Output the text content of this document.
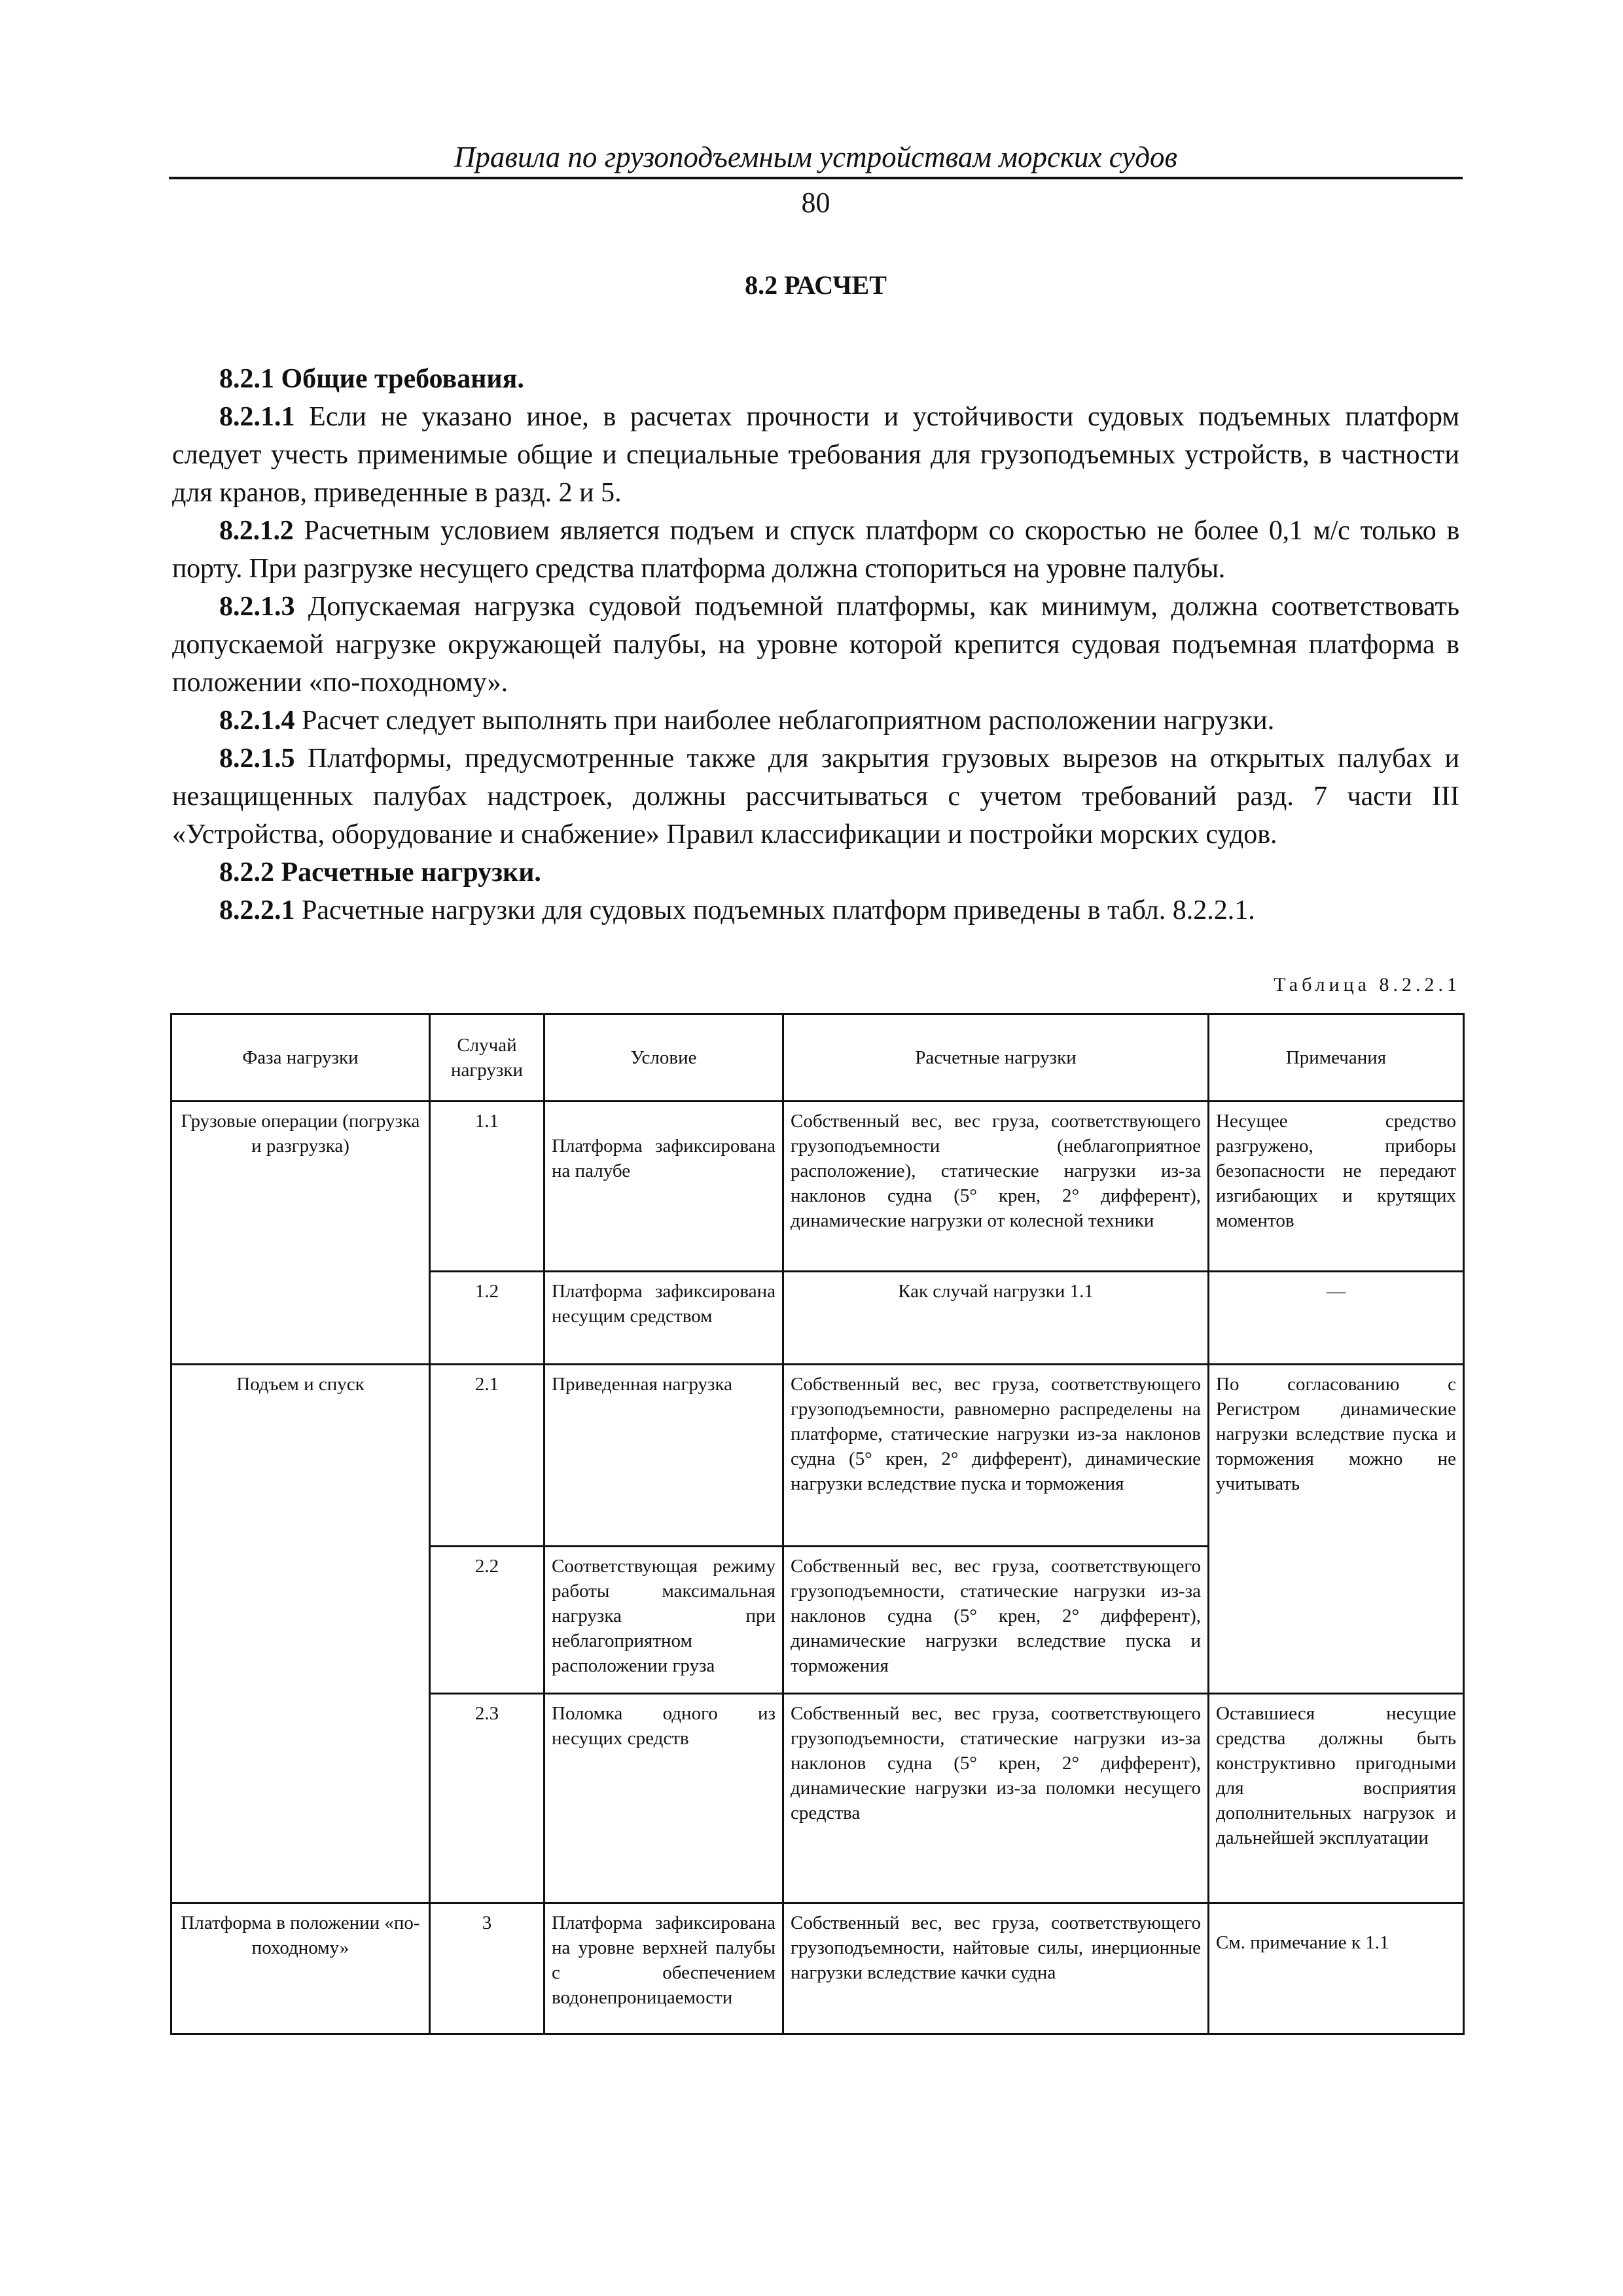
Правила по грузоподъемным устройствам морских судов
80
8.2 РАСЧЕТ

8.2.1 Общие требования.

8.2.1.1 Если не указано иное, в расчетах прочности и устойчивости судовых подъемных платформ следует учесть применимые общие и специальные требования для грузоподъемных устройств, в частности для кранов, приведенные в разд. 2 и 5.

8.2.1.2 Расчетным условием является подъем и спуск платформ со скоростью не более 0,1 м/с только в порту. При разгрузке несущего средства платформа должна стопориться на уровне палубы.

8.2.1.3 Допускаемая нагрузка судовой подъемной платформы, как минимум, должна соответствовать допускаемой нагрузке окружающей палубы, на уровне которой крепится судовая подъемная платформа в положении «по-походному».

8.2.1.4 Расчет следует выполнять при наиболее неблагоприятном расположении нагрузки.

8.2.1.5 Платформы, предусмотренные также для закрытия грузовых вырезов на открытых палубах и незащищенных палубах надстроек, должны рассчитываться с учетом требований разд. 7 части III «Устройства, оборудование и снабжение» Правил классификации и постройки морских судов.

8.2.2 Расчетные нагрузки.

8.2.2.1 Расчетные нагрузки для судовых подъемных платформ приведены в табл. 8.2.2.1.

Таблица 8.2.2.1
Фаза нагрузки	Случай нагрузки	Условие	Расчетные нагрузки	Примечания
Грузовые операции (погрузка и разгрузка)	1.1	Платформа зафиксирована на палубе	Собственный вес, вес груза, соответствующего грузоподъемности (неблагоприятное расположение), статические нагрузки из-за наклонов судна (5° крен, 2° дифферент), динамические нагрузки от колесной техники	Несущее средство разгружено, приборы безопасности не передают изгибающих и крутящих моментов
	1.2	Платформа зафиксирована несущим средством	Как случай нагрузки 1.1	—
Подъем и спуск	2.1	Приведенная нагрузка	Собственный вес, вес груза, соответствующего грузоподъемности, равномерно распределены на платформе, статические нагрузки из-за наклонов судна (5° крен, 2° дифферент), динамические нагрузки вследствие пуска и торможения	По согласованию с Регистром динамические нагрузки вследствие пуска и торможения можно не учитывать
	2.2	Соответствующая режиму работы максимальная нагрузка при неблагоприятном расположении груза	Собственный вес, вес груза, соответствующего грузоподъемности, статические нагрузки из-за наклонов судна (5° крен, 2° дифферент), динамические нагрузки вследствие пуска и торможения	
	2.3	Поломка одного из несущих средств	Собственный вес, вес груза, соответствующего грузоподъемности, статические нагрузки из-за наклонов судна (5° крен, 2° дифферент), динамические нагрузки из-за поломки несущего средства	Оставшиеся несущие средства должны быть конструктивно пригодными для восприятия дополнительных нагрузок и дальнейшей эксплуатации
Платформа в положении «по-походному»	3	Платформа зафиксирована на уровне верхней палубы с обеспечением водонепроницаемости	Собственный вес, вес груза, соответствующего грузоподъемности, найтовые силы, инерционные нагрузки вследствие качки судна	См. примечание к 1.1
